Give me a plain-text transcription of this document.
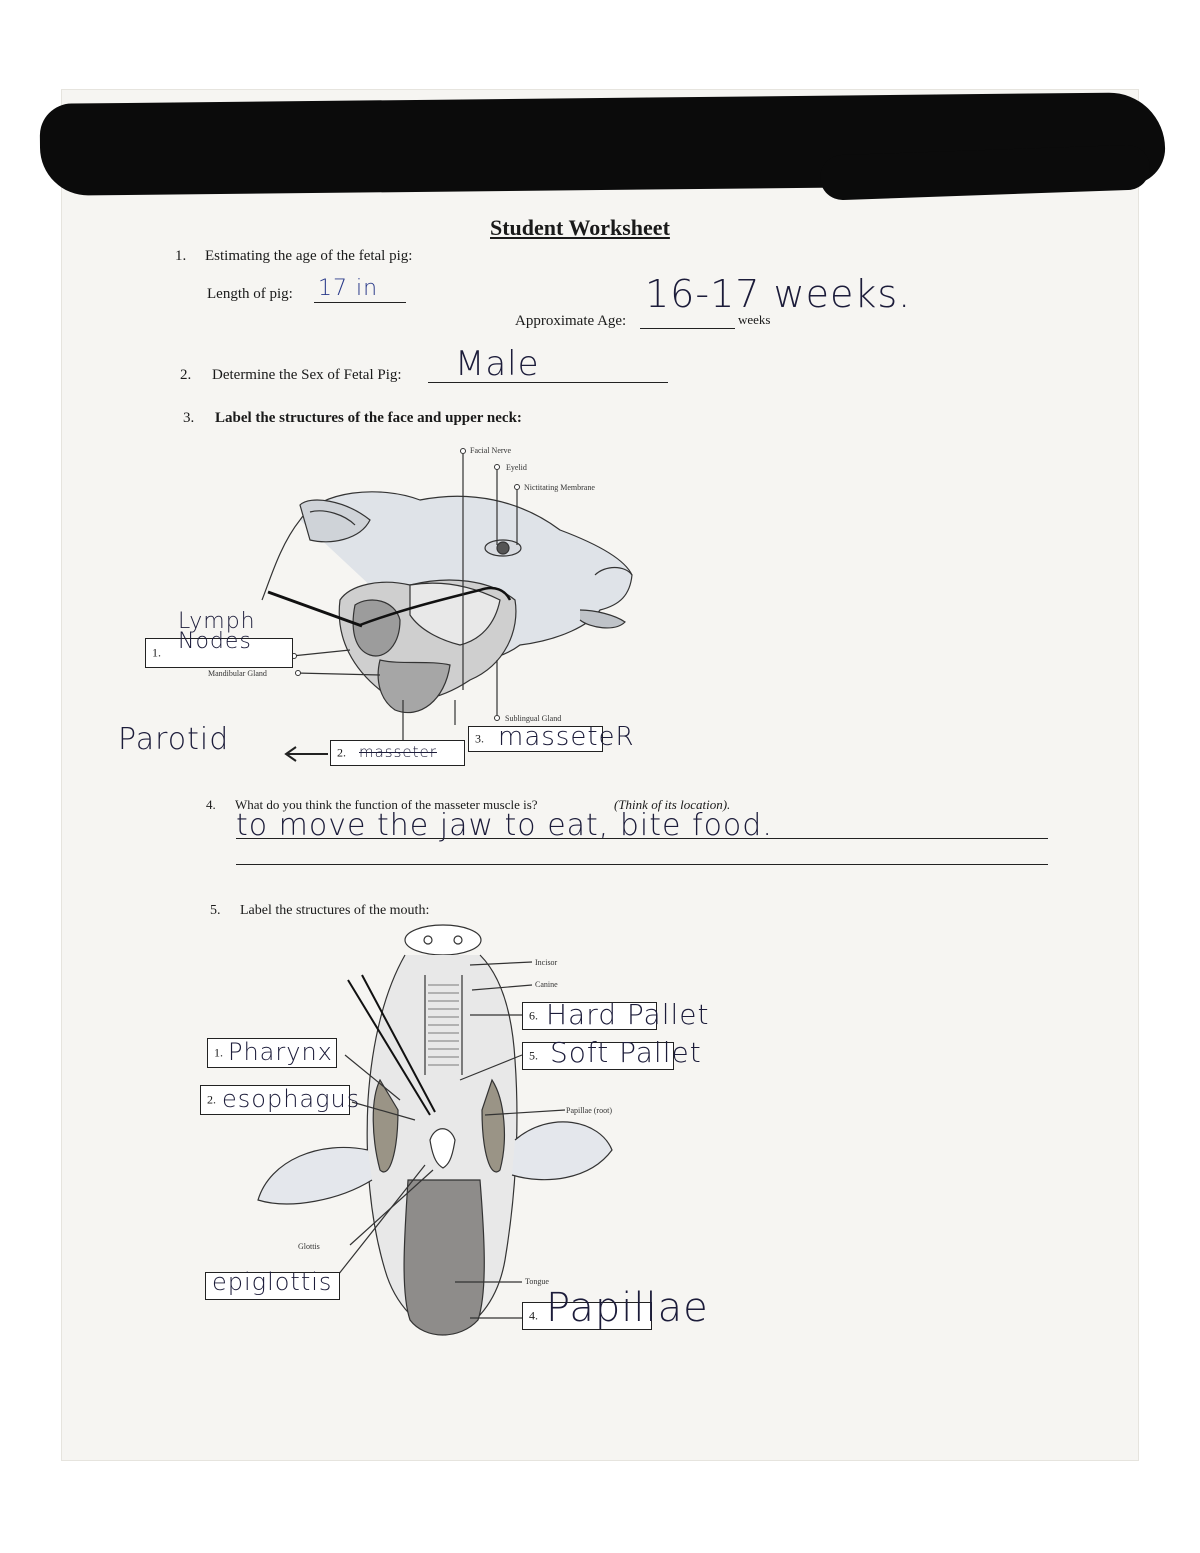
Student Worksheet
1. Estimating the age of the fetal pig:
Length of pig: 17 in
Approximate Age:
16-17 weeks.
weeks
2. Determine the Sex of Fetal Pig: Male
3. Label the structures of the face and upper neck:
Facial Nerve
Eyelid
Nictitating Membrane
Mandibular Gland
Sublingual Gland
1.
Lymph Nodes
2. masseter
Parotid	3. masseteR
4. What do you think the function of the masseter muscle is?	(Think of its location).
to move the jaw to eat, bite food.
5. Label the structures of the mouth:
Incisor
Canine
Papillae (root)
Glottis
Tongue
1. Pharynx
2. esophagus
epiglottis
4. Papillae
5. Soft Pallet
6. Hard Pallet
